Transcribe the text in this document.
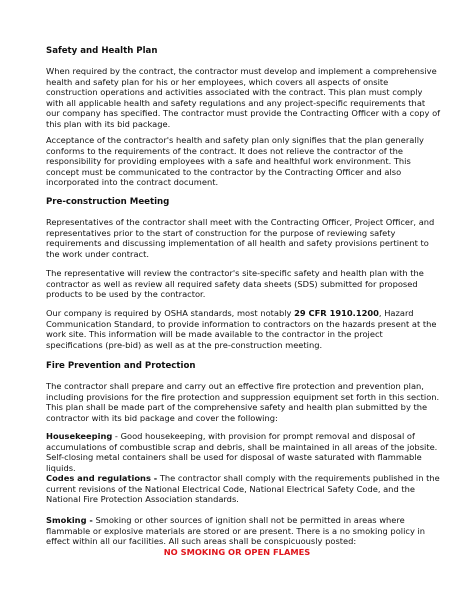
Safety and Health Plan

When required by the contract, the contractor must develop and implement a comprehensive health and safety plan for his or her employees, which covers all aspects of onsite construction operations and activities associated with the contract. This plan must comply with all applicable health and safety regulations and any project-specific requirements that our company has specified. The contractor must provide the Contracting Officer with a copy of this plan with its bid package.

Acceptance of the contractor's health and safety plan only signifies that the plan generally conforms to the requirements of the contract. It does not relieve the contractor of the responsibility for providing employees with a safe and healthful work environment. This concept must be communicated to the contractor by the Contracting Officer and also incorporated into the contract document.

Pre-construction Meeting

Representatives of the contractor shall meet with the Contracting Officer, Project Officer, and representatives prior to the start of construction for the purpose of reviewing safety requirements and discussing implementation of all health and safety provisions pertinent to the work under contract.

The representative will review the contractor's site-specific safety and health plan with the contractor as well as review all required safety data sheets (SDS) submitted for proposed products to be used by the contractor.

Our company is required by OSHA standards, most notably 29 CFR 1910.1200, Hazard Communication Standard, to provide information to contractors on the hazards present at the work site. This information will be made available to the contractor in the project specifications (pre-bid) as well as at the pre-construction meeting.

Fire Prevention and Protection

The contractor shall prepare and carry out an effective fire protection and prevention plan, including provisions for the fire protection and suppression equipment set forth in this section. This plan shall be made part of the comprehensive safety and health plan submitted by the contractor with its bid package and cover the following:

Housekeeping - Good housekeeping, with provision for prompt removal and disposal of accumulations of combustible scrap and debris, shall be maintained in all areas of the jobsite. Self-closing metal containers shall be used for disposal of waste saturated with flammable liquids.

Codes and regulations - The contractor shall comply with the requirements published in the current revisions of the National Electrical Code, National Electrical Safety Code, and the National Fire Protection Association standards.

Smoking - Smoking or other sources of ignition shall not be permitted in areas where flammable or explosive materials are stored or are present. There is a no smoking policy in effect within all our facilities. All such areas shall be conspicuously posted:

NO SMOKING OR OPEN FLAMES
